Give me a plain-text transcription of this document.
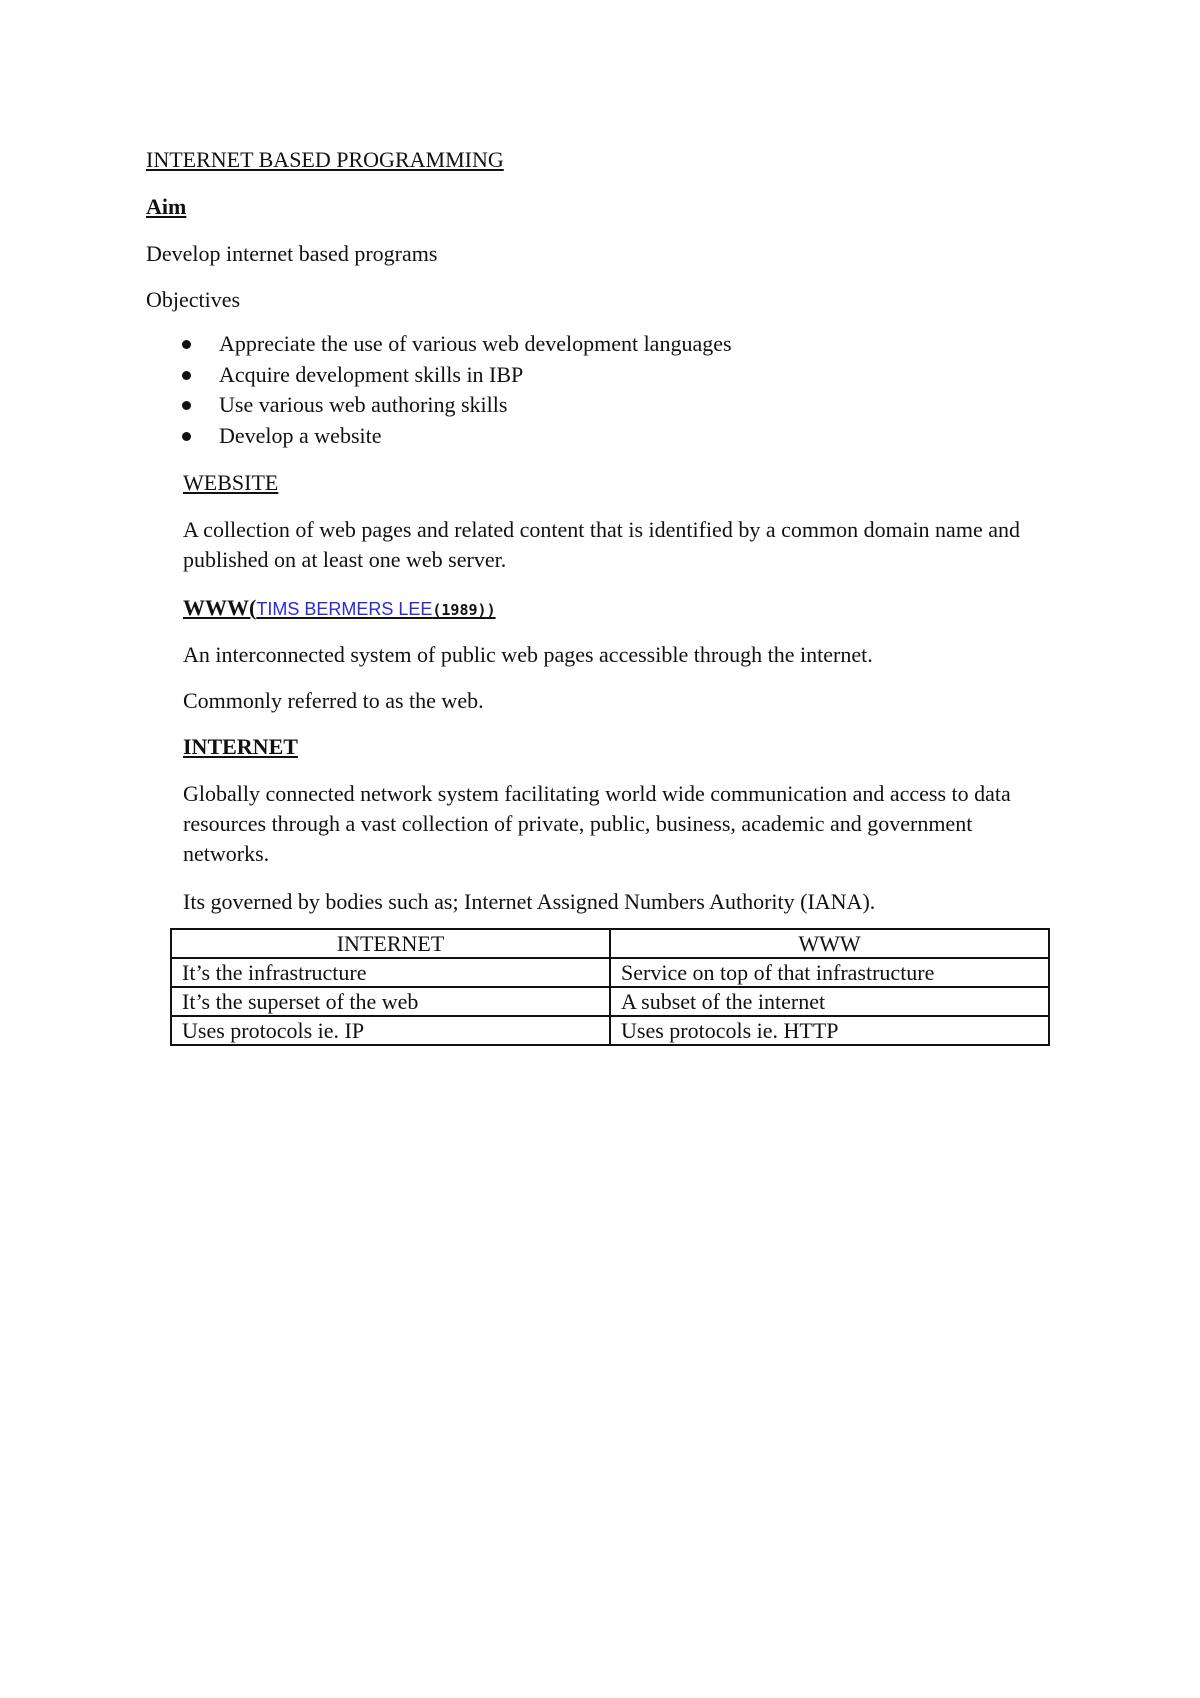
INTERNET BASED PROGRAMMING
Aim
Develop internet based programs
Objectives
Appreciate the use of various web development languages
Acquire development skills in IBP
Use various web authoring skills
Develop a website
WEBSITE
A collection of web pages and related content that is identified by a common domain name and published on at least one web server.
WWW(TIMS BERMERS LEE(1989))
An interconnected system of public web pages accessible through the internet.
Commonly referred to as the web.
INTERNET
Globally connected network system facilitating world wide communication and access to data resources through a vast collection of private, public, business, academic and government networks.
Its governed by bodies such as; Internet Assigned Numbers Authority (IANA).
INTERNET	WWW
It’s the infrastructure	Service on top of that infrastructure
It’s the superset of the web	A subset of the internet
Uses protocols ie. IP	Uses protocols ie. HTTP
